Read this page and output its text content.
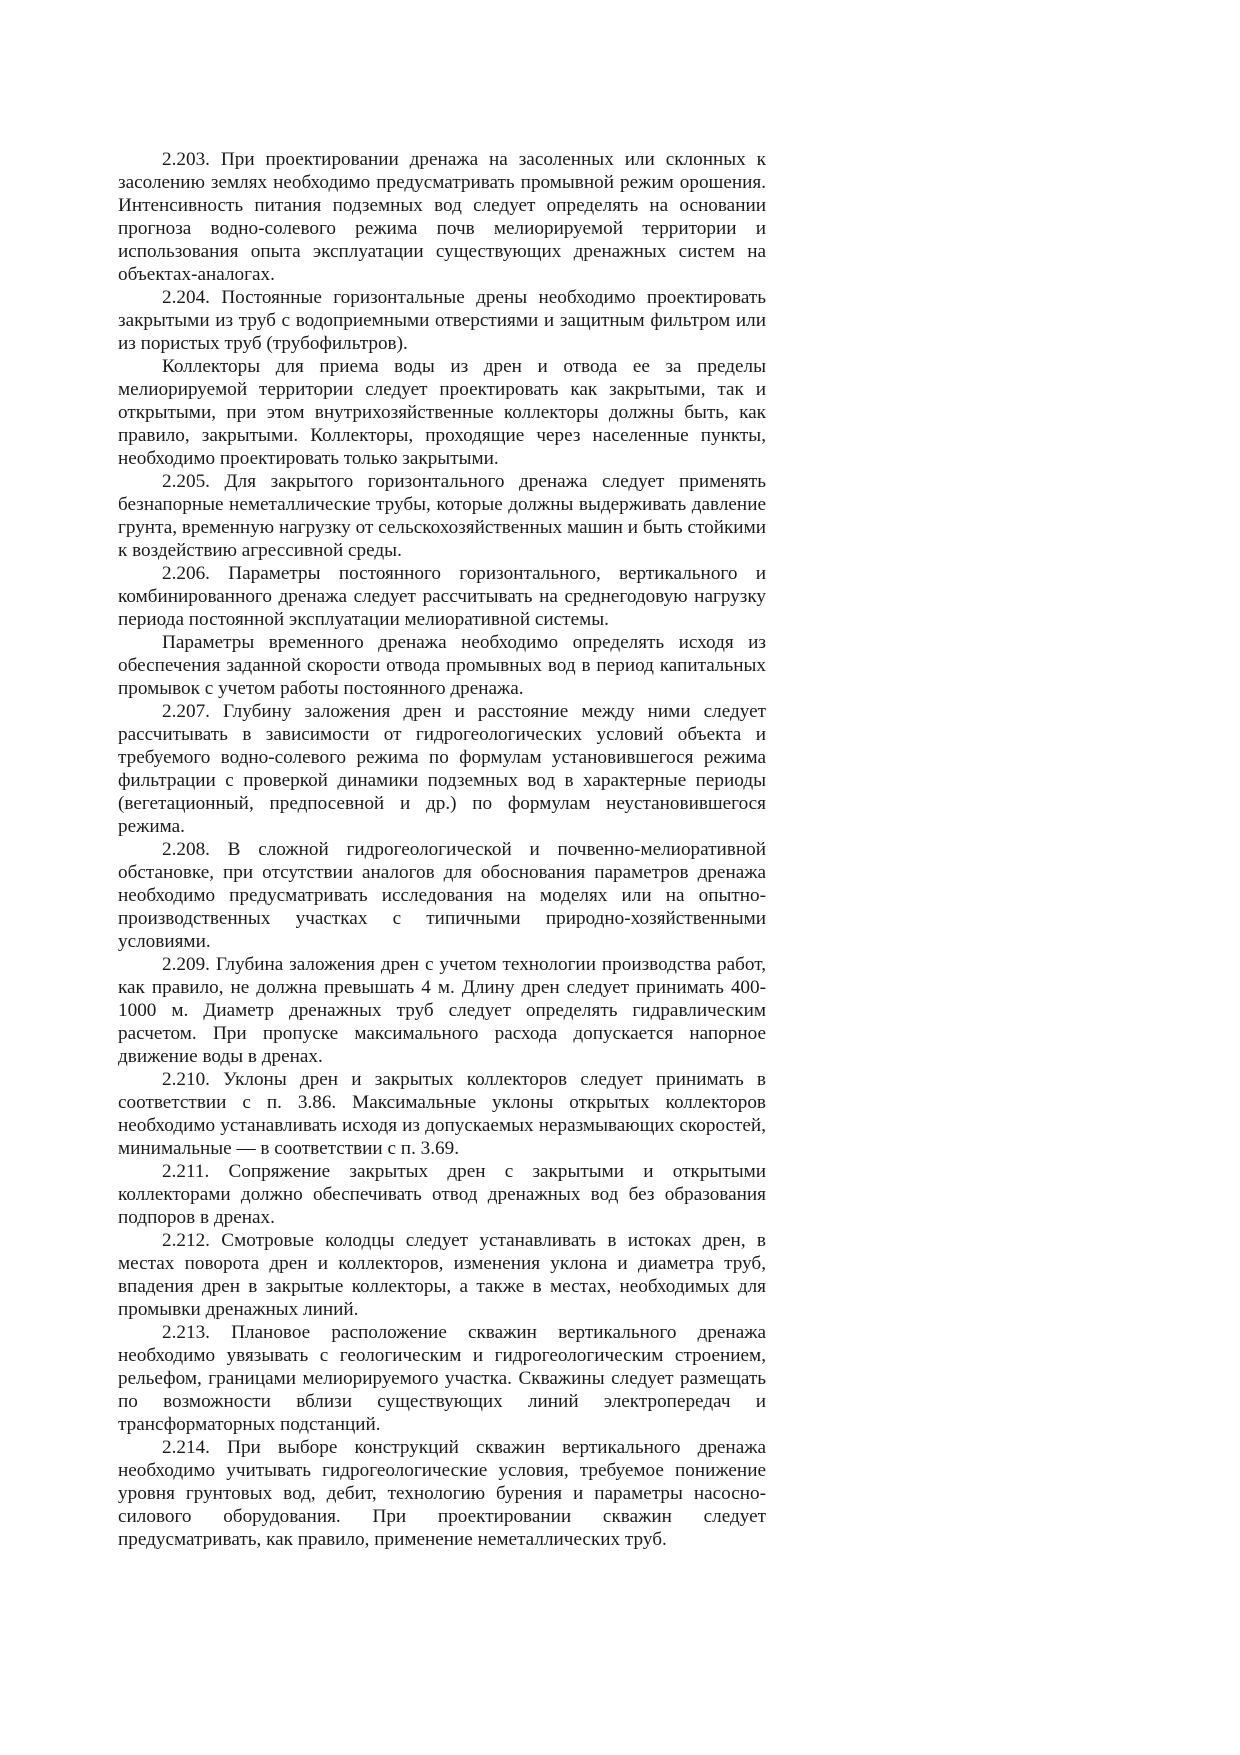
2.203. При проектировании дренажа на засоленных или склонных к засолению землях необходимо предусматривать промывной режим орошения. Интенсивность питания подземных вод следует определять на основании прогноза водно-солевого режима почв мелиорируемой территории и использования опыта эксплуатации существующих дренажных систем на объектах-аналогах.

2.204. Постоянные горизонтальные дрены необходимо проектировать закрытыми из труб с водоприемными отверстиями и защитным фильтром или из пористых труб (трубофильтров).

Коллекторы для приема воды из дрен и отвода ее за пределы мелиорируемой территории следует проектировать как закрытыми, так и открытыми, при этом внутрихозяйственные коллекторы должны быть, как правило, закрытыми. Коллекторы, проходящие через населенные пункты, необходимо проектировать только закрытыми.

2.205. Для закрытого горизонтального дренажа следует применять безнапорные неметаллические трубы, которые должны выдерживать давление грунта, временную нагрузку от сельскохозяйственных машин и быть стойкими к воздействию агрессивной среды.

2.206. Параметры постоянного горизонтального, вертикального и комбинированного дренажа следует рассчитывать на среднегодовую нагрузку периода постоянной эксплуатации мелиоративной системы.

Параметры временного дренажа необходимо определять исходя из обеспечения заданной скорости отвода промывных вод в период капитальных промывок с учетом работы постоянного дренажа.

2.207. Глубину заложения дрен и расстояние между ними следует рассчитывать в зависимости от гидрогеологических условий объекта и требуемого водно-солевого режима по формулам установившегося режима фильтрации с проверкой динамики подземных вод в характерные периоды (вегетационный, предпосевной и др.) по формулам неустановившегося режима.

2.208. В сложной гидрогеологической и почвенно-мелиоративной обстановке, при отсутствии аналогов для обоснования параметров дренажа необходимо предусматривать исследования на моделях или на опытно-производственных участках с типичными природно-хозяйственными условиями.

2.209. Глубина заложения дрен с учетом технологии производства работ, как правило, не должна превышать 4 м. Длину дрен следует принимать 400-1000 м. Диаметр дренажных труб следует определять гидравлическим расчетом. При пропуске максимального расхода допускается напорное движение воды в дренах.

2.210. Уклоны дрен и закрытых коллекторов следует принимать в соответствии с п. 3.86. Максимальные уклоны открытых коллекторов необходимо устанавливать исходя из допускаемых неразмывающих скоростей, минимальные — в соответствии с п. 3.69.

2.211. Сопряжение закрытых дрен с закрытыми и открытыми коллекторами должно обеспечивать отвод дренажных вод без образования подпоров в дренах.

2.212. Смотровые колодцы следует устанавливать в истоках дрен, в местах поворота дрен и коллекторов, изменения уклона и диаметра труб, впадения дрен в закрытые коллекторы, а также в местах, необходимых для промывки дренажных линий.

2.213. Плановое расположение скважин вертикального дренажа необходимо увязывать с геологическим и гидрогеологическим строением, рельефом, границами мелиорируемого участка. Скважины следует размещать по возможности вблизи существующих линий электропередач и трансформаторных подстанций.

2.214. При выборе конструкций скважин вертикального дренажа необходимо учитывать гидрогеологические условия, требуемое понижение уровня грунтовых вод, дебит, технологию бурения и параметры насосно-силового оборудования. При проектировании скважин следует предусматривать, как правило, применение неметаллических труб.
